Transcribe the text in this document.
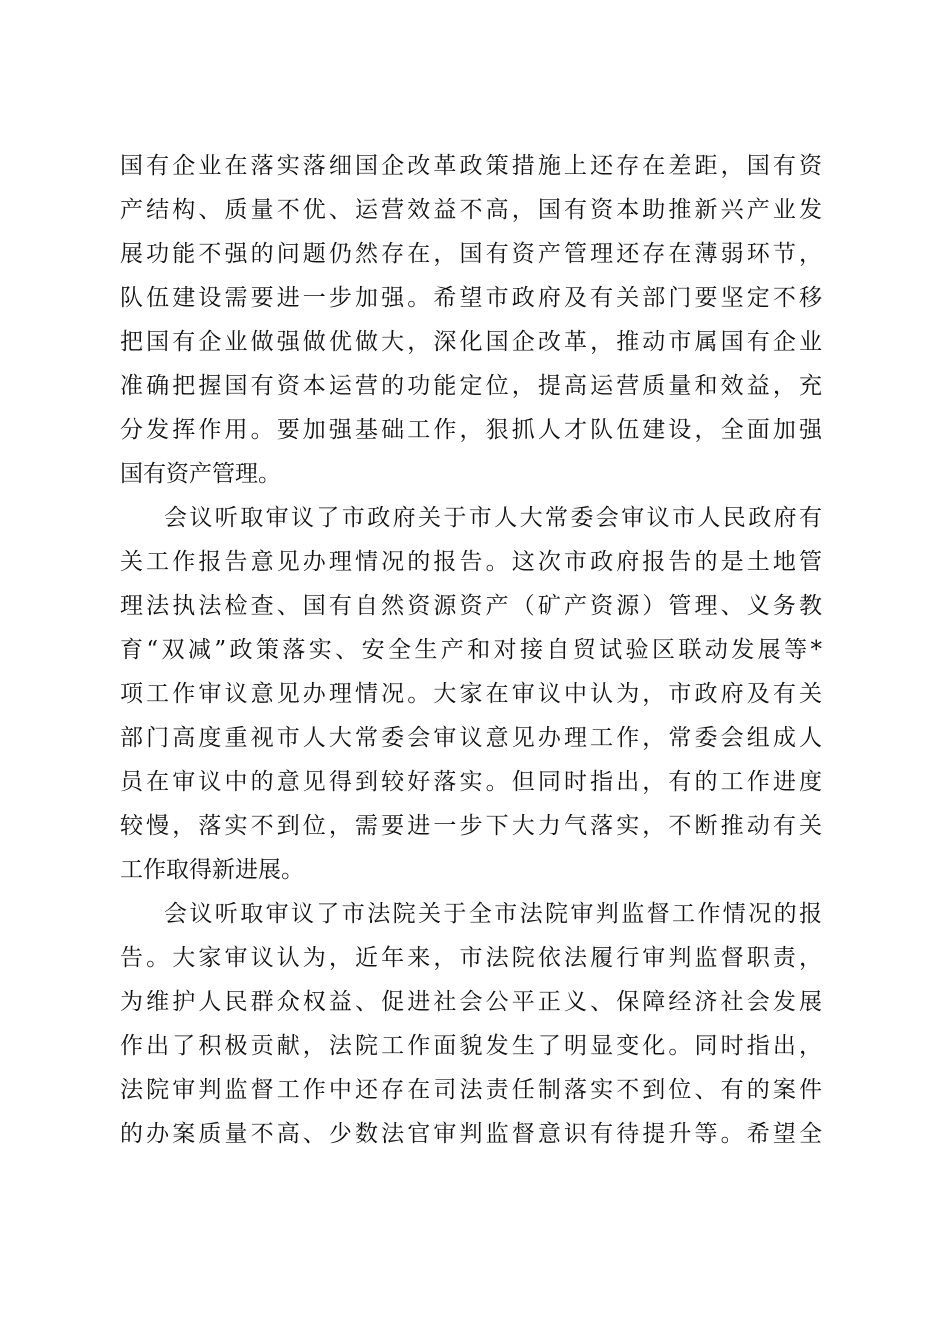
国有企业在落实落细国企改革政策措施上还存在差距，国有资
产结构、质量不优、运营效益不高，国有资本助推新兴产业发
展功能不强的问题仍然存在，国有资产管理还存在薄弱环节，
队伍建设需要进一步加强。希望市政府及有关部门要坚定不移
把国有企业做强做优做大，深化国企改革，推动市属国有企业
准确把握国有资本运营的功能定位，提高运营质量和效益，充
分发挥作用。要加强基础工作，狠抓人才队伍建设，全面加强
国有资产管理。
会议听取审议了市政府关于市人大常委会审议市人民政府有
关工作报告意见办理情况的报告。这次市政府报告的是土地管
理法执法检查、国有自然资源资产（矿产资源）管理、义务教
育“双减”政策落实、安全生产和对接自贸试验区联动发展等*
项工作审议意见办理情况。大家在审议中认为，市政府及有关
部门高度重视市人大常委会审议意见办理工作，常委会组成人
员在审议中的意见得到较好落实。但同时指出，有的工作进度
较慢，落实不到位，需要进一步下大力气落实，不断推动有关
工作取得新进展。
会议听取审议了市法院关于全市法院审判监督工作情况的报
告。大家审议认为，近年来，市法院依法履行审判监督职责，
为维护人民群众权益、促进社会公平正义、保障经济社会发展
作出了积极贡献，法院工作面貌发生了明显变化。同时指出，
法院审判监督工作中还存在司法责任制落实不到位、有的案件
的办案质量不高、少数法官审判监督意识有待提升等。希望全
